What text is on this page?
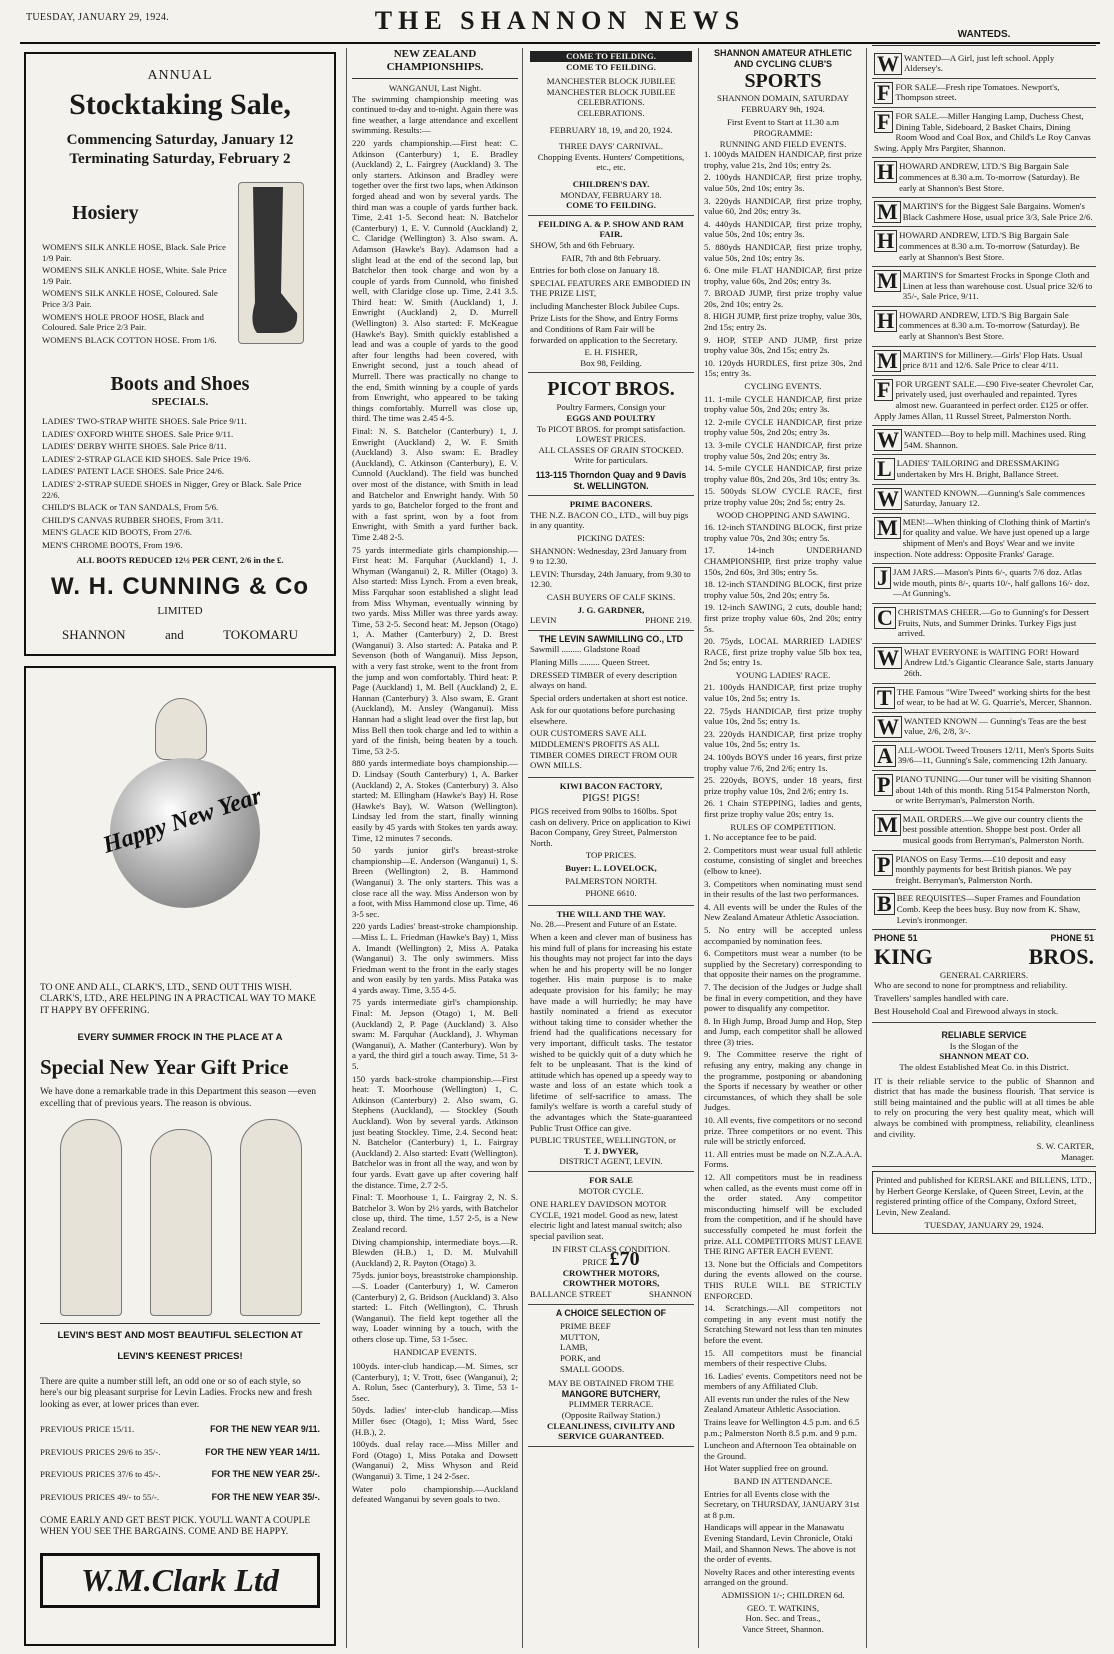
TUESDAY, JANUARY 29, 1924.	THE SHANNON NEWS
ANNUAL
Stocktaking Sale,
Commencing Saturday, January 12
Terminating Saturday, February 2
Hosiery

WOMEN'S SILK ANKLE HOSE, Black. Sale Price 1/9 Pair.

WOMEN'S SILK ANKLE HOSE, White. Sale Price 1/9 Pair.

WOMEN'S SILK ANKLE HOSE, Coloured. Sale Price 3/3 Pair.

WOMEN'S HOLE PROOF HOSE, Black and Coloured. Sale Price 2/3 Pair.

WOMEN'S BLACK COTTON HOSE. From 1/6.

Boots and Shoes
SPECIALS.

LADIES' TWO-STRAP WHITE SHOES. Sale Price 9/11.

LADIES' OXFORD WHITE SHOES. Sale Price 9/11.

LADIES' DERBY WHITE SHOES. Sale Price 8/11.

LADIES' 2-STRAP GLACE KID SHOES. Sale Price 19/6.

LADIES' PATENT LACE SHOES. Sale Price 24/6.

LADIES' 2-STRAP SUEDE SHOES in Nigger, Grey or Black. Sale Price 22/6.

CHILD'S BLACK or TAN SANDALS, From 5/6.

CHILD'S CANVAS RUBBER SHOES, From 3/11.

MEN'S GLACE KID BOOTS, From 27/6.

MEN'S CHROME BOOTS, From 19/6.

ALL BOOTS REDUCED 12½ PER CENT, 2/6 in the £.
W. H. CUNNING & Co
LIMITED
SHANNON	and	TOKOMARU
Happy New Year
TO ONE AND ALL, CLARK'S, LTD., SEND OUT THIS WISH. CLARK'S, LTD., ARE HELPING IN A PRACTICAL WAY TO MAKE IT HAPPY BY OFFERING.
EVERY SUMMER FROCK IN THE PLACE AT A
Special New Year Gift Price
We have done a remarkable trade in this Department this season —even excelling that of previous years. The reason is obvious.
LEVIN'S BEST AND MOST BEAUTIFUL SELECTION AT
LEVIN'S KEENEST PRICES!
There are quite a number still left, an odd one or so of each style, so here's our big pleasant surprise for Levin Ladies. Frocks new and fresh looking as ever, at lower prices than ever.
PREVIOUS PRICE 15/11.	FOR THE NEW YEAR 9/11.
PREVIOUS PRICES 29/6 to 35/-.	FOR THE NEW YEAR 14/11.
PREVIOUS PRICES 37/6 to 45/-.	FOR THE NEW YEAR 25/-.
PREVIOUS PRICES 49/- to 55/-.	FOR THE NEW YEAR 35/-.
COME EARLY AND GET BEST PICK. YOU'LL WANT A COUPLE WHEN YOU SEE THE BARGAINS. COME AND BE HAPPY.
W.M.Clark Ltd
NEW ZEALAND CHAMPIONSHIPS.
WANGANUI, Last Night.

The swimming championship meeting was continued to-day and to-night. Again there was fine weather, a large attendance and excellent swimming. Results:—

220 yards championship.—First heat: C. Atkinson (Canterbury) 1, E. Bradley (Auckland) 2, L. Fairgrey (Auckland) 3. The only starters. Atkinson and Bradley were together over the first two laps, when Atkinson forged ahead and won by several yards. The third man was a couple of yards further back. Time, 2.41 1-5. Second heat: N. Batchelor (Canterbury) 1, E. V. Cunnold (Auckland) 2, C. Claridge (Wellington) 3. Also swam. A. Adamson (Hawke's Bay). Adamson had a slight lead at the end of the second lap, but Batchelor then took charge and won by a couple of yards from Cunnold, who finished well, with Claridge close up. Time, 2.41 3.5. Third heat: W. Smith (Auckland) 1, J. Enwright (Auckland) 2, D. Murrell (Wellington) 3. Also started: F. McKeague (Hawke's Bay). Smith quickly established a lead and was a couple of yards to the good after four lengths had been covered, with Enwright second, just a touch ahead of Murrell. There was practically no change to the end, Smith winning by a couple of yards from Enwright, who appeared to be taking things comfortably. Murrell was close up, third. The time was 2.45 4-5.

Final: N. S. Batchelor (Canterbury) 1, J. Enwright (Auckland) 2, W. F. Smith (Auckland) 3. Also swam: E. Bradley (Auckland), C. Atkinson (Canterbury), E. V. Cunnold (Auckland). The field was bunched over most of the distance, with Smith in lead and Batchelor and Enwright handy. With 50 yards to go, Batchelor forged to the front and with a fast sprint, won by a foot from Enwright, with Smith a yard further back. Time 2.48 2-5.

75 yards intermediate girls championship.—First heat: M. Farquhar (Auckland) 1, J. Whyman (Wanganui) 2, R. Miller (Otago) 3. Also started: Miss Lynch. From a even break, Miss Farquhar soon established a slight lead from Miss Whyman, eventually winning by two yards. Miss Miller was three yards away. Time, 53 2-5. Second heat: M. Jepson (Otago) 1, A. Mather (Canterbury) 2, D. Brest (Wanganui) 3. Also started: A. Pataka and P. Sevenson (both of Wanganui). Miss Jepson, with a very fast stroke, went to the front from the jump and won comfortably. Third heat: P. Page (Auckland) 1, M. Bell (Auckland) 2, E. Hannan (Canterbury) 3. Also swam, E. Grant (Auckland), M. Ansley (Wanganui). Miss Hannan had a slight lead over the first lap, but Miss Bell then took charge and led to within a yard of the finish, being beaten by a touch. Time, 53 2-5.

880 yards intermediate boys championship.—D. Lindsay (South Canterbury) 1, A. Barker (Auckland) 2, A. Stokes (Canterbury) 3. Also started: M. Ellingham (Hawke's Bay) H. Rose (Hawke's Bay), W. Watson (Wellington). Lindsay led from the start, finally winning easily by 45 yards with Stokes ten yards away. Time, 12 minutes 7 seconds.

50 yards junior girl's breast-stroke championship—E. Anderson (Wanganui) 1, S. Breen (Wellington) 2, B. Hammond (Wanganui) 3. The only starters. This was a close race all the way. Miss Anderson won by a foot, with Miss Hammond close up. Time, 46 3-5 sec.

220 yards Ladies' breast-stroke championship.—Miss L. L. Friedman (Hawke's Bay) 1, Miss A. Imandt (Wellington) 2, Miss A. Pataka (Wanganui) 3. The only swimmers. Miss Friedman went to the front in the early stages and won easily by ten yards. Miss Pataka was 4 yards away. Time, 3.55 4-5.

75 yards intermediate girl's championship. Final: M. Jepson (Otago) 1, M. Bell (Auckland) 2, P. Page (Auckland) 3. Also swam: M. Farquhar (Auckland), J. Whyman (Wanganui), A. Mather (Canterbury). Won by a yard, the third girl a touch away. Time, 51 3-5.

150 yards back-stroke championship.—First heat: T. Moorhouse (Wellington) 1, C. Atkinson (Canterbury) 2. Also swam, G. Stephens (Auckland), — Stockley (South Auckland). Won by several yards. Atkinson just beating Stockley. Time, 2.4. Second heat: N. Batchelor (Canterbury) 1, L. Fairgray (Auckland) 2. Also started: Evatt (Wellington). Batchelor was in front all the way, and won by four yards. Evatt gave up after covering half the distance. Time, 2.7 2-5.

Final: T. Moorhouse 1, L. Fairgray 2, N. S. Batchelor 3. Won by 2½ yards, with Batchelor close up, third. The time, 1.57 2-5, is a New Zealand record.

Diving championship, intermediate boys.—R. Blewden (H.B.) 1, D. M. Mulvahill (Auckland) 2, R. Payton (Otago) 3.

75yds. junior boys, breaststroke championship.—S. Loader (Canterbury) 1, W. Cameron (Canterbury) 2, G. Bridson (Auckland) 3. Also started: L. Fitch (Wellington), C. Thrush (Wanganui). The field kept together all the way, Loader winning by a touch, with the others close up. Time, 53 1-5sec.

HANDICAP EVENTS.

100yds. inter-club handicap.—M. Simes, scr (Canterbury), 1; V. Trott, 6sec (Wanganui), 2; A. Rolun, 5sec (Canterbury), 3. Time, 53 1-5sec.

50yds. ladies' inter-club handicap.—Miss Miller 6sec (Otago), 1; Miss Ward, 5sec (H.B.), 2.

100yds. dual relay race.—Miss Miller and Ford (Otago) 1, Miss Potaka and Dowsett (Wanganui) 2, Miss Whyson and Reid (Wanganui) 3. Time, 1 24 2-5sec.

Water polo championship.—Auckland defeated Wanganui by seven goals to two.

COME TO FEILDING.
COME TO FEILDING.
MANCHESTER BLOCK JUBILEE
MANCHESTER BLOCK JUBILEE
CELEBRATIONS.
CELEBRATIONS.
FEBRUARY 18, 19, and 20, 1924.
THREE DAYS' CARNIVAL.
Chopping Events. Hunters' Competitions, etc., etc.
CHILDREN'S DAY.
MONDAY, FEBRUARY 18.
COME TO FEILDING.
FEILDING A. & P. SHOW AND RAM FAIR.

SHOW, 5th and 6th February.

FAIR, 7th and 8th February.

Entries for both close on January 18.

SPECIAL FEATURES ARE EMBODIED IN THE PRIZE LIST,

including Manchester Block Jubilee Cups.

Prize Lists for the Show, and Entry Forms and Conditions of Ram Fair will be forwarded on application to the Secretary.

E. H. FISHER,
Box 98, Feilding.
PICOT BROS.
Poultry Farmers, Consign your
EGGS AND POULTRY
To PICOT BROS. for prompt satisfaction.
LOWEST PRICES.
ALL CLASSES OF GRAIN STOCKED.
Write for particulars.
113-115 Thorndon Quay and 9 Davis St. WELLINGTON.
PRIME BACONERS.

THE N.Z. BACON CO., LTD., will buy pigs in any quantity.

PICKING DATES:

SHANNON: Wednesday, 23rd January from 9 to 12.30.

LEVIN: Thursday, 24th January, from 9.30 to 12.30.

CASH BUYERS OF CALF SKINS.

J. G. GARDNER,
LEVIN	PHONE 219.
THE LEVIN SAWMILLING CO., LTD

Sawmill ......... Gladstone Road

Planing Mills ......... Queen Street.

DRESSED TIMBER of every description always on hand.

Special orders undertaken at short est notice.

Ask for our quotations before purchasing elsewhere.

OUR CUSTOMERS SAVE ALL MIDDLEMEN'S PROFITS AS ALL TIMBER COMES DIRECT FROM OUR OWN MILLS.

KIWI BACON FACTORY,
PIGS! PIGS!

PIGS received from 90lbs to 160lbs. Spot cash on delivery. Price on application to Kiwi Bacon Company, Grey Street, Palmerston North.

TOP PRICES.

Buyer: L. LOVELOCK,

PALMERSTON NORTH.

PHONE 6610.

THE WILL AND THE WAY.

No. 28.—Present and Future of an Estate.

When a keen and clever man of business has his mind full of plans for increasing his estate his thoughts may not project far into the days when he and his property will be no longer together. His main purpose is to make adequate provision for his family; he may have made a will hurriedly; he may have hastily nominated a friend as executor without taking time to consider whether the friend had the qualifications necessary for very important, difficult tasks. The testator wished to be quickly quit of a duty which he felt to be unpleasant. That is the kind of attitude which has opened up a speedy way to waste and loss of an estate which took a lifetime of self-sacrifice to amass. The family's welfare is worth a careful study of the advantages which the State-guaranteed Public Trust Office can give.

PUBLIC TRUSTEE, WELLINGTON, or
T. J. DWYER,
DISTRICT AGENT, LEVIN.
FOR SALE
MOTOR CYCLE.

ONE HARLEY DAVIDSON MOTOR CYCLE, 1921 model. Good as new, latest electric light and latest manual switch; also special pavilion seat.

IN FIRST CLASS CONDITION.
PRICE £70
CROWTHER MOTORS,
CROWTHER MOTORS,
BALLANCE STREET	SHANNON
A CHOICE SELECTION OF
PRIME BEEF
MUTTON,
LAMB,
PORK, and
SMALL GOODS.
MAY BE OBTAINED FROM THE
MANGORE BUTCHERY,
PLIMMER TERRACE.
(Opposite Railway Station.)
CLEANLINESS, CIVILITY AND SERVICE GUARANTEED.
SHANNON AMATEUR ATHLETIC AND CYCLING CLUB'S
SPORTS
SHANNON DOMAIN, SATURDAY FEBRUARY 9th, 1924.
First Event to Start at 11.30 a.m
PROGRAMME:
RUNNING AND FIELD EVENTS.

1. 100yds MAIDEN HANDICAP, first prize trophy, value 21s, 2nd 10s; entry 2s.

2. 100yds HANDICAP, first prize trophy, value 50s, 2nd 10s; entry 3s.

3. 220yds HANDICAP, first prize trophy, value 60, 2nd 20s; entry 3s.

4. 440yds HANDICAP, first prize trophy, value 50s, 2nd 10s; entry 3s.

5. 880yds HANDICAP, first prize trophy, value 50s, 2nd 10s; entry 3s.

6. One mile FLAT HANDICAP, first prize trophy, value 60s, 2nd 20s; entry 3s.

7. BROAD JUMP, first prize trophy value 20s, 2nd 10s; entry 2s.

8. HIGH JUMP, first prize trophy, value 30s, 2nd 15s; entry 2s.

9. HOP, STEP AND JUMP, first prize trophy value 30s, 2nd 15s; entry 2s.

10. 120yds HURDLES, first prize 30s, 2nd 15s; entry 3s.

CYCLING EVENTS.

11. 1-mile CYCLE HANDICAP, first prize trophy value 50s, 2nd 20s; entry 3s.

12. 2-mile CYCLE HANDICAP, first prize trophy value 50s, 2nd 20s; entry 3s.

13. 3-mile CYCLE HANDICAP, first prize trophy value 50s, 2nd 20s; entry 3s.

14. 5-mile CYCLE HANDICAP, first prize trophy value 80s, 2nd 20s, 3rd 10s; entry 3s.

15. 500yds SLOW CYCLE RACE, first prize trophy value 20s; 2nd 5s; entry 2s.

WOOD CHOPPING AND SAWING.

16. 12-inch STANDING BLOCK, first prize trophy value 70s, 2nd 30s; entry 5s.

17. 14-inch UNDERHAND CHAMPIONSHIP, first prize trophy value 150s, 2nd 60s, 3rd 30s; entry 5s.

18. 12-inch STANDING BLOCK, first prize trophy value 50s, 2nd 20s; entry 5s.

19. 12-inch SAWING, 2 cuts, double hand; first prize trophy value 60s, 2nd 20s; entry 5s.

20. 75yds, LOCAL MARRIED LADIES' RACE, first prize trophy value 5lb box tea, 2nd 5s; entry 1s.

YOUNG LADIES' RACE.

21. 100yds HANDICAP, first prize trophy value 10s, 2nd 5s; entry 1s.

22. 75yds HANDICAP, first prize trophy value 10s, 2nd 5s; entry 1s.

23. 220yds HANDICAP, first prize trophy value 10s, 2nd 5s; entry 1s.

24. 100yds BOYS under 16 years, first prize trophy value 7/6, 2nd 2/6; entry 1s.

25. 220yds, BOYS, under 18 years, first prize trophy value 10s, 2nd 2/6; entry 1s.

26. 1 Chain STEPPING, ladies and gents, first prize trophy value 20s; entry 1s.

RULES OF COMPETITION.

1. No acceptance fee to be paid.

2. Competitors must wear usual full athletic costume, consisting of singlet and breeches (elbow to knee).

3. Competitors when nominating must send in their results of the last two performances.

4. All events will be under the Rules of the New Zealand Amateur Athletic Association.

5. No entry will be accepted unless accompanied by nomination fees.

6. Competitors must wear a number (to be supplied by the Secretary) corresponding to that opposite their names on the programme.

7. The decision of the Judges or Judge shall be final in every competition, and they have power to disqualify any competitor.

8. In High Jump, Broad Jump and Hop, Step and Jump, each competitor shall be allowed three (3) tries.

9. The Committee reserve the right of refusing any entry, making any change in the programme, postponing or abandoning the Sports if necessary by weather or other circumstances, of which they shall be sole Judges.

10. All events, five competitors or no second prize. Three competitors or no event. This rule will be strictly enforced.

11. All entries must be made on N.Z.A.A.A. Forms.

12. All competitors must be in readiness when called, as the events must come off in the order stated. Any competitor misconducting himself will be excluded from the competition, and if he should have successfully competed he must forfeit the prize. ALL COMPETITORS MUST LEAVE THE RING AFTER EACH EVENT.

13. None but the Officials and Competitors during the events allowed on the course. THIS RULE WILL BE STRICTLY ENFORCED.

14. Scratchings.—All competitors not competing in any event must notify the Scratching Steward not less than ten minutes before the event.

15. All competitors must be financial members of their respective Clubs.

16. Ladies' events. Competitors need not be members of any Affiliated Club.

All events run under the rules of the New Zealand Amateur Athletic Association.

Trains leave for Wellington 4.5 p.m. and 6.5 p.m.; Palmerston North 8.5 p.m. and 9 p.m.

Luncheon and Afternoon Tea obtainable on the Ground.

Hot Water supplied free on ground.

BAND IN ATTENDANCE.

Entries for all Events close with the Secretary, on THURSDAY, JANUARY 31st at 8 p.m.

Handicaps will appear in the Manawatu Evening Standard, Levin Chronicle, Otaki Mail, and Shannon News. The above is not the order of events.

Novelty Races and other interesting events arranged on the ground.

ADMISSION 1/-; CHILDREN 6d.

GEO. T. WATKINS,
Hon. Sec. and Treas.,
Vance Street, Shannon.
WANTEDS.
W WANTED—A Girl, just left school. Apply Aldersey's.
F FOR SALE—Fresh ripe Tomatoes. Newport's, Thompson street.
F FOR SALE.—Miller Hanging Lamp, Duchess Chest, Dining Table, Sideboard, 2 Basket Chairs, Dining Room Wood and Coal Box, and Child's Le Roy Canvas Swing. Apply Mrs Pargiter, Shannon.
H HOWARD ANDREW, LTD.'S Big Bargain Sale commences at 8.30 a.m. To-morrow (Saturday). Be early at Shannon's Best Store.
M MARTIN'S for the Biggest Sale Bargains. Women's Black Cashmere Hose, usual price 3/3, Sale Price 2/6.
H HOWARD ANDREW, LTD.'S Big Bargain Sale commences at 8.30 a.m. To-morrow (Saturday). Be early at Shannon's Best Store.
M MARTIN'S for Smartest Frocks in Sponge Cloth and Linen at less than warehouse cost. Usual price 32/6 to 35/-, Sale Price, 9/11.
H HOWARD ANDREW, LTD.'S Big Bargain Sale commences at 8.30 a.m. To-morrow (Saturday). Be early at Shannon's Best Store.
M MARTIN'S for Millinery.—Girls' Flop Hats. Usual price 8/11 and 12/6. Sale Price to clear 4/11.
F FOR URGENT SALE.—£90 Five-seater Chevrolet Car, privately used, just overhauled and repainted. Tyres almost new. Guaranteed in perfect order. £125 or offer. Apply James Allan, 11 Russel Street, Palmerston North.
W WANTED—Boy to help mill. Machines used. Ring 54M. Shannon.
L LADIES' TAILORING and DRESSMAKING undertaken by Mrs H. Bright, Ballance Street.
W WANTED KNOWN.—Gunning's Sale commences Saturday, January 12.
M MEN!—When thinking of Clothing think of Martin's for quality and value. We have just opened up a large shipment of Men's and Boys' Wear and we invite inspection. Note address: Opposite Franks' Garage.
J JAM JARS.—Mason's Pints 6/-, quarts 7/6 doz. Atlas wide mouth, pints 8/-, quarts 10/-, half gallons 16/- doz.—At Gunning's.
C CHRISTMAS CHEER.—Go to Gunning's for Dessert Fruits, Nuts, and Summer Drinks. Turkey Figs just arrived.
W WHAT EVERYONE is WAITING FOR! Howard Andrew Ltd.'s Gigantic Clearance Sale, starts January 26th.
T THE Famous "Wire Tweed" working shirts for the best of wear, to be had at W. G. Quarrie's, Mercer, Shannon.
W WANTED KNOWN — Gunning's Teas are the best value, 2/6, 2/8, 3/-.
A ALL-WOOL Tweed Trousers 12/11, Men's Sports Suits 39/6—11, Gunning's Sale, commencing 12th January.
P PIANO TUNING.—Our tuner will be visiting Shannon about 14th of this month. Ring 5154 Palmerston North, or write Berryman's, Palmerston North.
M MAIL ORDERS.—We give our country clients the best possible attention. Shoppe best post. Order all musical goods from Berryman's, Palmerston North.
P PIANOS on Easy Terms.—£10 deposit and easy monthly payments for best British pianos. We pay freight. Berryman's, Palmerston North.
B BEE REQUISITES—Super Frames and Foundation Comb. Keep the bees busy. Buy now from K. Shaw, Levin's ironmonger.
PHONE 51	PHONE 51
KING	BROS.
GENERAL CARRIERS.

Who are second to none for promptness and reliability.

Travellers' samples handled with care.

Best Household Coal and Firewood always in stock.

RELIABLE SERVICE
Is the Slogan of the
SHANNON MEAT CO.
The oldest Established Meat Co. in this District.

IT is their reliable service to the public of Shannon and district that has made the business flourish. That service is still being maintained and the public will at all times be able to rely on procuring the very best quality meat, which will always be combined with promptness, reliability, cleanliness and civility.

S. W. CARTER,
Manager.

Printed and published for KERSLAKE and BILLENS, LTD., by Herbert George Kerslake, of Queen Street, Levin, at the registered printing office of the Company, Oxford Street, Levin, New Zealand.

TUESDAY, JANUARY 29, 1924.
